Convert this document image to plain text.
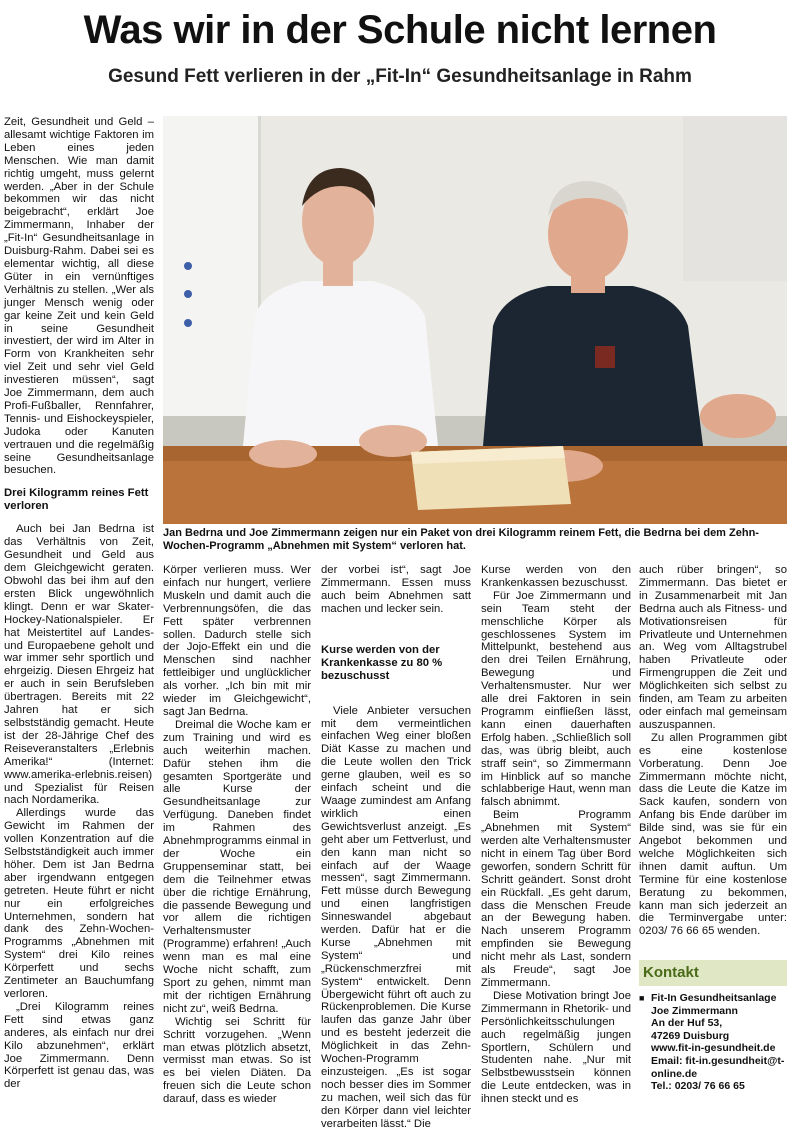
Was wir in der Schule nicht lernen
Gesund Fett verlieren in der „Fit-In“ Gesundheitsanlage in Rahm

Zeit, Gesundheit und Geld – allesamt wichtige Faktoren im Leben eines jeden Menschen. Wie man damit richtig umgeht, muss gelernt werden. „Aber in der Schule bekommen wir das nicht beigebracht“, erklärt Joe Zimmermann, Inhaber der „Fit-In“ Gesundheitsanlage in Duisburg-Rahm. Dabei sei es elementar wichtig, all diese Güter in ein vernünftiges Verhältnis zu stellen. „Wer als junger Mensch wenig oder gar keine Zeit und kein Geld in seine Gesundheit investiert, der wird im Alter in Form von Krankheiten sehr viel Zeit und sehr viel Geld investieren müssen“, sagt Joe Zimmermann, dem auch Profi-Fußballer, Rennfahrer, Tennis- und Eishockeyspieler, Judoka oder Kanuten vertrauen und die regelmäßig seine Gesundheitsanlage besuchen.

Drei Kilogramm reines Fett verloren

Auch bei Jan Bedrna ist das Verhältnis von Zeit, Gesundheit und Geld aus dem Gleichgewicht geraten. Obwohl das bei ihm auf den ersten Blick ungewöhnlich klingt. Denn er war Skater-Hockey-Nationalspieler. Er hat Meistertitel auf Landes- und Europaebene geholt und war immer sehr sportlich und ehrgeizig. Diesen Ehrgeiz hat er auch in sein Berufsleben übertragen. Bereits mit 22 Jahren hat er sich selbstständig gemacht. Heute ist der 28-Jährige Chef des Reiseveranstalters „Erlebnis Amerika!“ (Internet: www.amerika-erlebnis.reisen) und Spezialist für Reisen nach Nordamerika.

Allerdings wurde das Gewicht im Rahmen der vollen Konzentration auf die Selbstständigkeit auch immer höher. Dem ist Jan Bedrna aber irgendwann entgegen getreten. Heute führt er nicht nur ein erfolgreiches Unternehmen, sondern hat dank des Zehn-Wochen-Programms „Abnehmen mit System“ drei Kilo reines Körperfett und sechs Zentimeter an Bauchumfang verloren.

„Drei Kilogramm reines Fett sind etwas ganz anderes, als einfach nur drei Kilo abzunehmen“, erklärt Joe Zimmermann. Denn Körperfett ist genau das, was der

Jan Bedrna und Joe Zimmermann zeigen nur ein Paket von drei Kilogramm reinem Fett, die Bedrna bei dem Zehn-Wochen-Programm „Abnehmen mit System“ verloren hat.

Körper verlieren muss. Wer einfach nur hungert, verliere Muskeln und damit auch die Verbrennungsöfen, die das Fett später verbrennen sollen. Dadurch stelle sich der Jojo-Effekt ein und die Menschen sind nachher fettleibiger und unglücklicher als vorher. „Ich bin mit mir wieder im Gleichgewicht“, sagt Jan Bedrna.

Dreimal die Woche kam er zum Training und wird es auch weiterhin machen. Dafür stehen ihm die gesamten Sportgeräte und alle Kurse der Gesundheitsanlage zur Verfügung. Daneben findet im Rahmen des Abnehmprogramms einmal in der Woche ein Gruppenseminar statt, bei dem die Teilnehmer etwas über die richtige Ernährung, die passende Bewegung und vor allem die richtigen Verhaltensmuster (Programme) erfahren! „Auch wenn man es mal eine Woche nicht schafft, zum Sport zu gehen, nimmt man mit der richtigen Ernährung nicht zu“, weiß Bedrna.

Wichtig sei Schritt für Schritt vorzugehen. „Wenn man etwas plötzlich absetzt, vermisst man etwas. So ist es bei vielen Diäten. Da freuen sich die Leute schon darauf, dass es wieder

der vorbei ist“, sagt Joe Zimmermann. Essen muss auch beim Abnehmen satt machen und lecker sein.

Kurse werden von der Krankenkasse zu 80 % bezuschusst

Viele Anbieter versuchen mit dem vermeintlichen einfachen Weg einer bloßen Diät Kasse zu machen und die Leute wollen den Trick gerne glauben, weil es so einfach scheint und die Waage zumindest am Anfang wirklich einen Gewichtsverlust anzeigt. „Es geht aber um Fettverlust, und den kann man nicht so einfach auf der Waage messen“, sagt Zimmermann. Fett müsse durch Bewegung und einen langfristigen Sinneswandel abgebaut werden. Dafür hat er die Kurse „Abnehmen mit System“ und „Rückenschmerzfrei mit System“ entwickelt. Denn Übergewicht führt oft auch zu Rückenproblemen. Die Kurse laufen das ganze Jahr über und es besteht jederzeit die Möglichkeit in das Zehn-Wochen-Programm einzusteigen. „Es ist sogar noch besser dies im Sommer zu machen, weil sich das für den Körper dann viel leichter verarbeiten lässt.“ Die

Kurse werden von den Krankenkassen bezuschusst.

Für Joe Zimmermann und sein Team steht der menschliche Körper als geschlossenes System im Mittelpunkt, bestehend aus den drei Teilen Ernährung, Bewegung und Verhaltensmuster. Nur wer alle drei Faktoren in sein Programm einfließen lässt, kann einen dauerhaften Erfolg haben. „Schließlich soll das, was übrig bleibt, auch straff sein“, so Zimmermann im Hinblick auf so manche schlabberige Haut, wenn man falsch abnimmt.

Beim Programm „Abnehmen mit System“ werden alte Verhaltensmuster nicht in einem Tag über Bord geworfen, sondern Schritt für Schritt geändert. Sonst droht ein Rückfall. „Es geht darum, dass die Menschen Freude an der Bewegung haben. Nach unserem Programm empfinden sie Bewegung nicht mehr als Last, sondern als Freude“, sagt Joe Zimmermann.

Diese Motivation bringt Joe Zimmermann in Rhetorik- und Persönlichkeitsschulungen auch regelmäßig jungen Sportlern, Schülern und Studenten nahe. „Nur mit Selbstbewusstsein können die Leute entdecken, was in ihnen steckt und es

auch rüber bringen“, so Zimmermann. Das bietet er in Zusammenarbeit mit Jan Bedrna auch als Fitness- und Motivationsreisen für Privatleute und Unternehmen an. Weg vom Alltagstrubel haben Privatleute oder Firmengruppen die Zeit und Möglichkeiten sich selbst zu finden, am Team zu arbeiten oder einfach mal gemeinsam auszuspannen.

Zu allen Programmen gibt es eine kostenlose Vorberatung. Denn Joe Zimmermann möchte nicht, dass die Leute die Katze im Sack kaufen, sondern von Anfang bis Ende darüber im Bilde sind, was sie für ein Angebot bekommen und welche Möglichkeiten sich ihnen damit auftun. Um Termine für eine kostenlose Beratung zu bekommen, kann man sich jederzeit an die Terminvergabe unter: 0203/ 76 66 65 wenden.

Kontakt
■ Fit-In Gesundheitsanlage
Joe Zimmermann
An der Huf 53,
47269 Duisburg
www.fit-in-gesundheit.de
Email: fit-in.gesundheit@t-
online.de
Tel.: 0203/ 76 66 65
